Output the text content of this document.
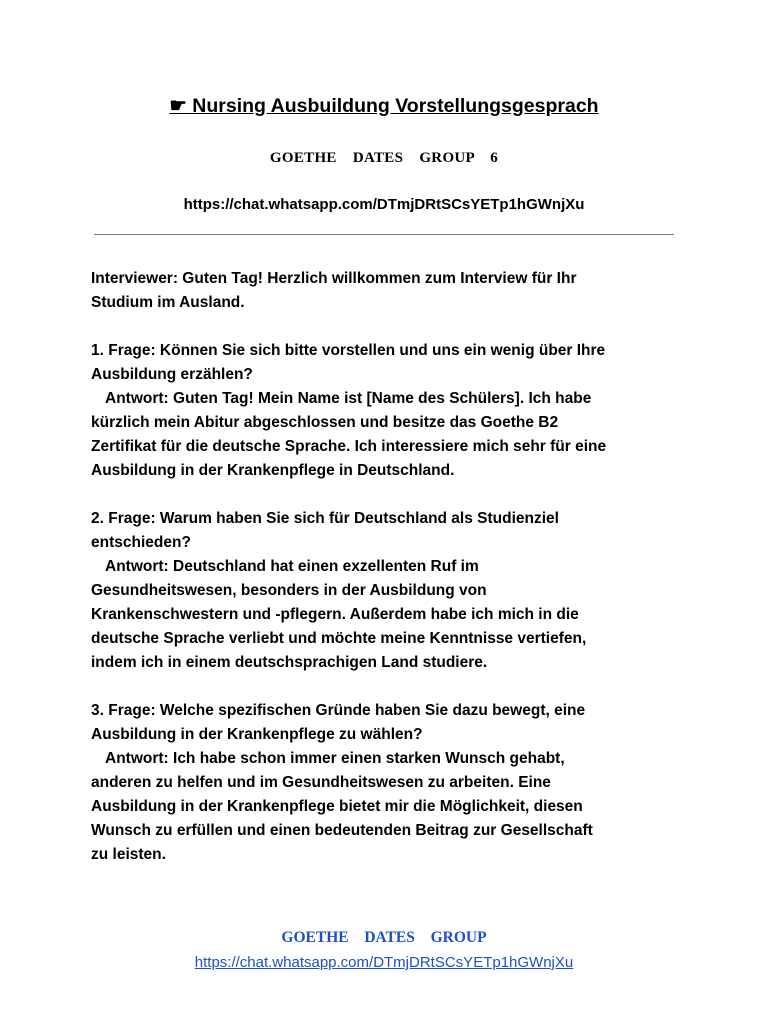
☛ Nursing Ausbuildung Vorstellungsgesprach
GOETHE  DATES  GROUP  6
https://chat.whatsapp.com/DTmjDRtSCsYETp1hGWnjXu
Interviewer: Guten Tag! Herzlich willkommen zum Interview für Ihr
Studium im Ausland.
1. Frage: Können Sie sich bitte vorstellen und uns ein wenig über Ihre
Ausbildung erzählen?
Antwort: Guten Tag! Mein Name ist [Name des Schülers]. Ich habe
kürzlich mein Abitur abgeschlossen und besitze das Goethe B2
Zertifikat für die deutsche Sprache. Ich interessiere mich sehr für eine
Ausbildung in der Krankenpflege in Deutschland.
2. Frage: Warum haben Sie sich für Deutschland als Studienziel
entschieden?
Antwort: Deutschland hat einen exzellenten Ruf im
Gesundheitswesen, besonders in der Ausbildung von
Krankenschwestern und -pflegern. Außerdem habe ich mich in die
deutsche Sprache verliebt und möchte meine Kenntnisse vertiefen,
indem ich in einem deutschsprachigen Land studiere.
3. Frage: Welche spezifischen Gründe haben Sie dazu bewegt, eine
Ausbildung in der Krankenpflege zu wählen?
Antwort: Ich habe schon immer einen starken Wunsch gehabt,
anderen zu helfen und im Gesundheitswesen zu arbeiten. Eine
Ausbildung in der Krankenpflege bietet mir die Möglichkeit, diesen
Wunsch zu erfüllen und einen bedeutenden Beitrag zur Gesellschaft
zu leisten.
GOETHE  DATES  GROUP
https://chat.whatsapp.com/DTmjDRtSCsYETp1hGWnjXu
